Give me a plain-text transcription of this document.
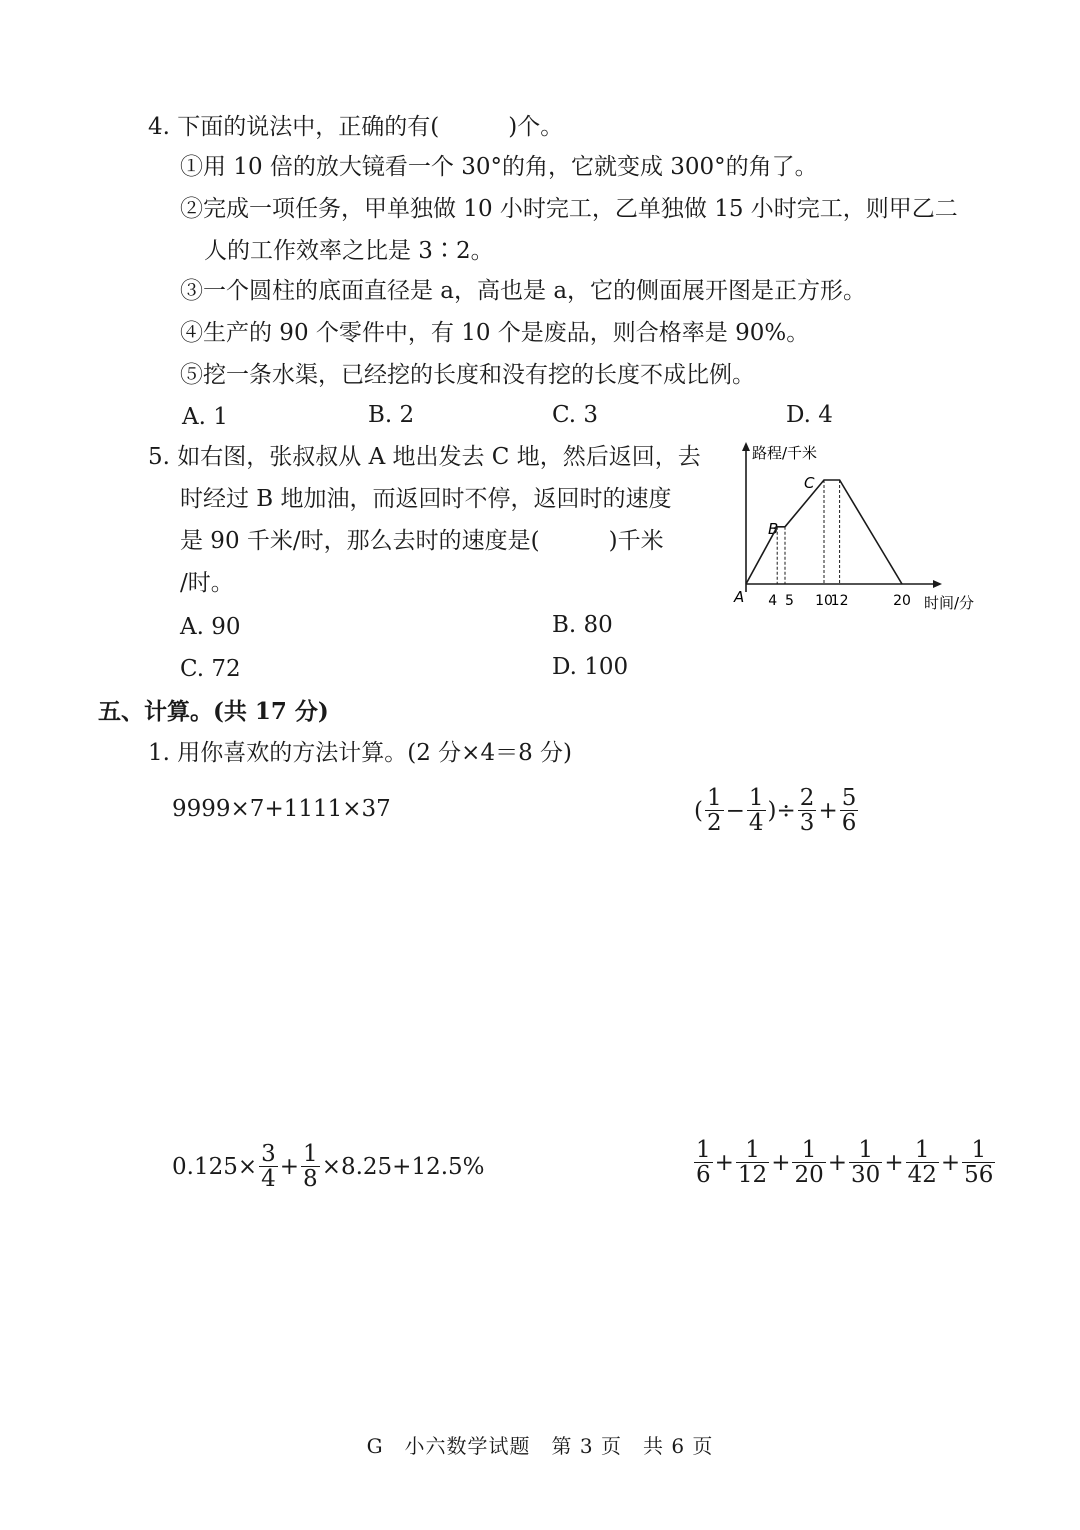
4. 下面的说法中，正确的有(　　　)个。
①用 10 倍的放大镜看一个 30°的角，它就变成 300°的角了。
②完成一项任务，甲单独做 10 小时完工，乙单独做 15 小时完工，则甲乙二
人的工作效率之比是 3∶2。
③一个圆柱的底面直径是 a，高也是 a，它的侧面展开图是正方形。
④生产的 90 个零件中，有 10 个是废品，则合格率是 90%。
⑤挖一条水渠，已经挖的长度和没有挖的长度不成比例。
A. 1	B. 2	C. 3	D. 4
5. 如右图，张叔叔从 A 地出发去 C 地，然后返回，去
时经过 B 地加油，而返回时不停，返回时的速度
是 90 千米/时，那么去时的速度是(　　　)千米
/时。
A. 90	B. 80
C. 72	D. 100
路程/千米
时间/分
A
B
C
4 5 10
12	20
五、计算。(共 17 分)
1. 用你喜欢的方法计算。(2 分×4＝8 分)
9999×7+1111×37	( $\frac{1}{2} - \frac{1}{4}$ )÷ $\frac{2}{3} + \frac{5}{6}$
$0.125\times \frac{3}{4} + \frac{1}{8} \times 8.25+12.5\%$	$\frac{1}{6} + \frac{1}{12} + \frac{1}{20} + \frac{1}{30} + \frac{1}{42} + \frac{1}{56}$
G　小六数学试题　第 3 页　共 6 页
